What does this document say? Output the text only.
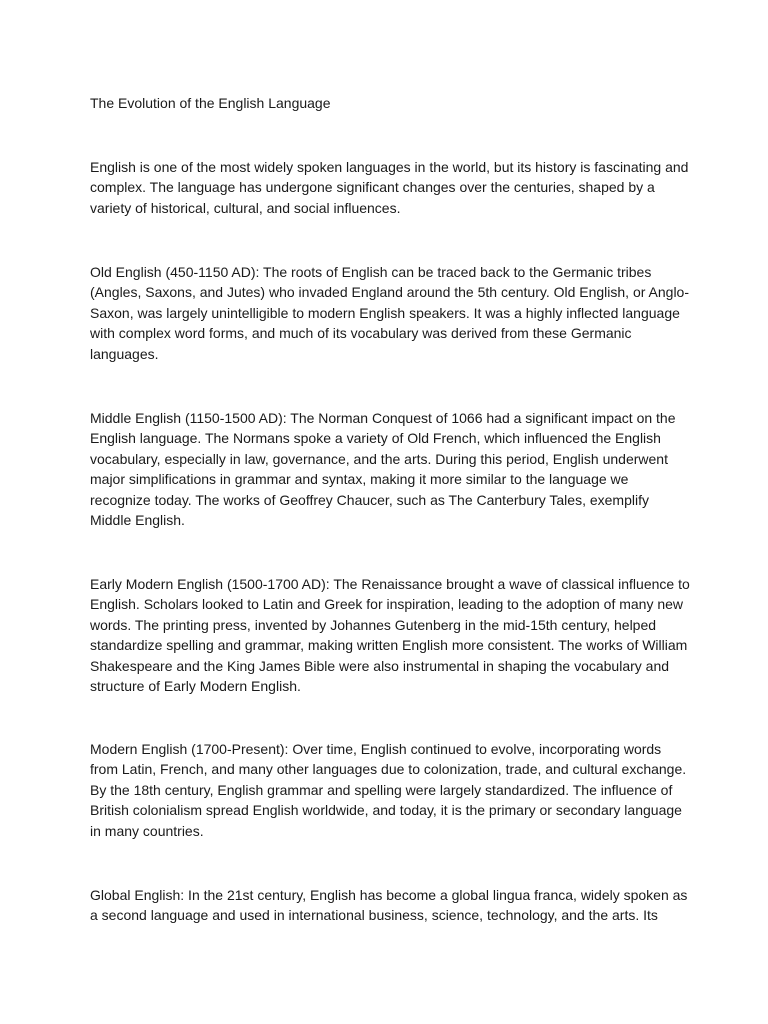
The Evolution of the English Language

English is one of the most widely spoken languages in the world, but its history is fascinating and complex. The language has undergone significant changes over the centuries, shaped by a variety of historical, cultural, and social influences.

Old English (450-1150 AD): The roots of English can be traced back to the Germanic tribes (Angles, Saxons, and Jutes) who invaded England around the 5th century. Old English, or Anglo-Saxon, was largely unintelligible to modern English speakers. It was a highly inflected language with complex word forms, and much of its vocabulary was derived from these Germanic languages.

Middle English (1150-1500 AD): The Norman Conquest of 1066 had a significant impact on the English language. The Normans spoke a variety of Old French, which influenced the English vocabulary, especially in law, governance, and the arts. During this period, English underwent major simplifications in grammar and syntax, making it more similar to the language we recognize today. The works of Geoffrey Chaucer, such as The Canterbury Tales, exemplify Middle English.

Early Modern English (1500-1700 AD): The Renaissance brought a wave of classical influence to English. Scholars looked to Latin and Greek for inspiration, leading to the adoption of many new words. The printing press, invented by Johannes Gutenberg in the mid-15th century, helped standardize spelling and grammar, making written English more consistent. The works of William Shakespeare and the King James Bible were also instrumental in shaping the vocabulary and structure of Early Modern English.

Modern English (1700-Present): Over time, English continued to evolve, incorporating words from Latin, French, and many other languages due to colonization, trade, and cultural exchange. By the 18th century, English grammar and spelling were largely standardized. The influence of British colonialism spread English worldwide, and today, it is the primary or secondary language in many countries.

Global English: In the 21st century, English has become a global lingua franca, widely spoken as a second language and used in international business, science, technology, and the arts. Its
